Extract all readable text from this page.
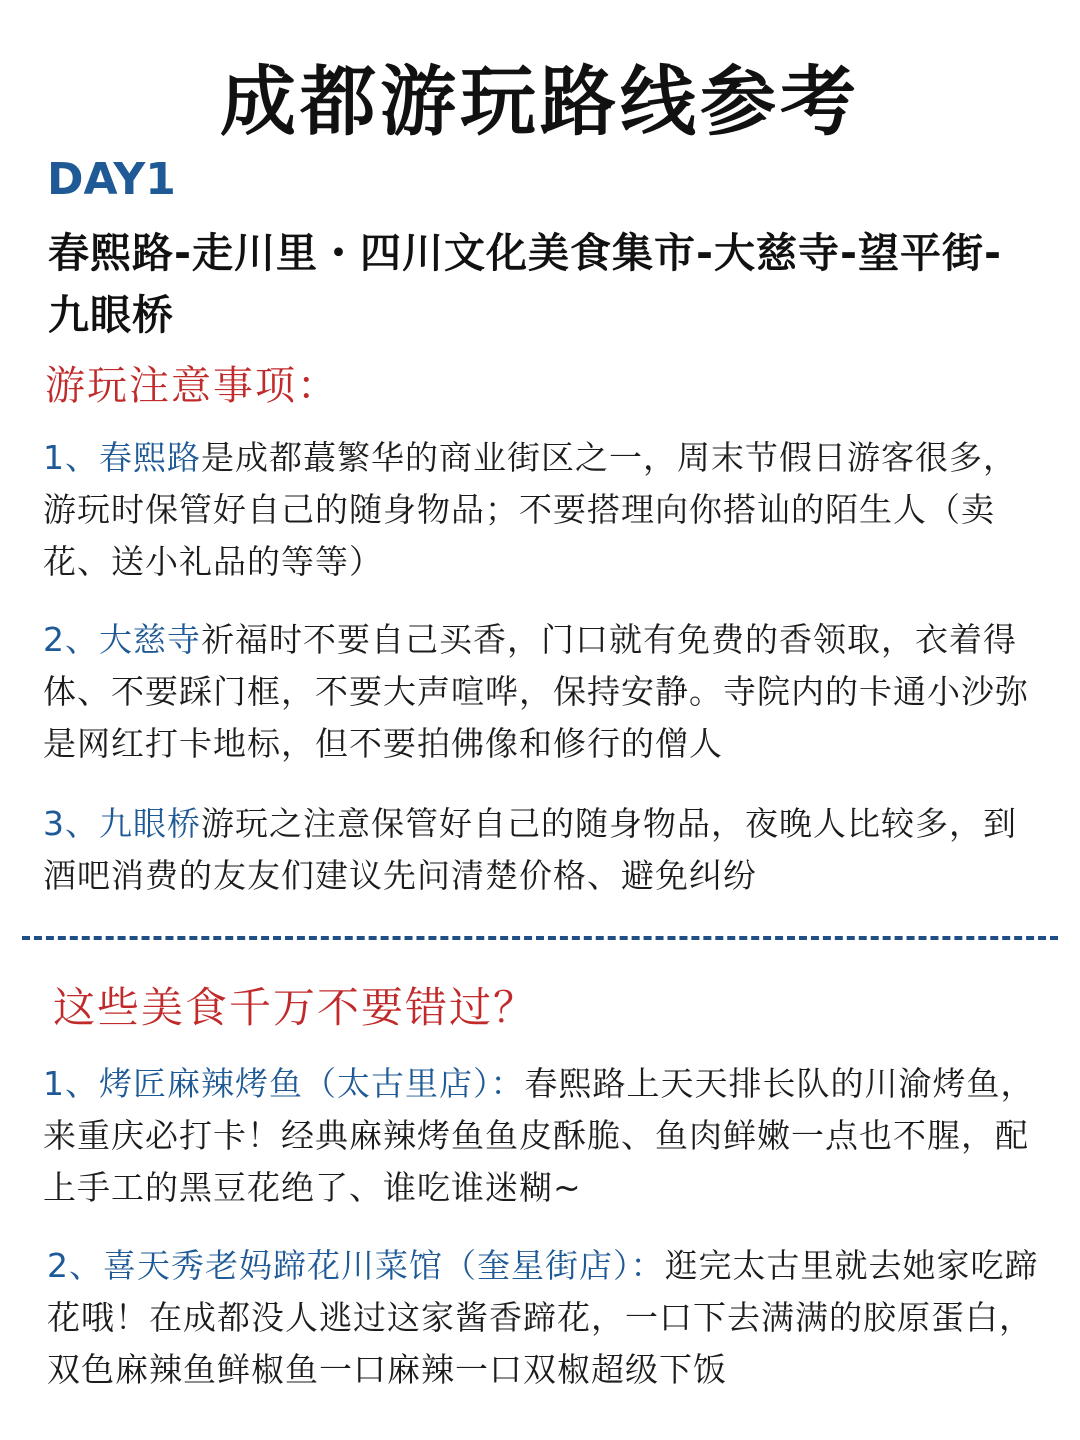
成都游玩路线参考
DAY1
春熙路-走川里・四川文化美食集市-大慈寺-望平街-九眼桥
游玩注意事项：
1、春熙路是成都蕞繁华的商业街区之一，周末节假日游客很多，游玩时保管好自己的随身物品；不要搭理向你搭讪的陌生人（卖花、送小礼品的等等）
2、大慈寺祈福时不要自己买香，门口就有免费的香领取，衣着得体、不要踩门框，不要大声喧哗，保持安静。寺院内的卡通小沙弥是网红打卡地标，但不要拍佛像和修行的僧人
3、九眼桥游玩之注意保管好自己的随身物品，夜晚人比较多，到酒吧消费的友友们建议先问清楚价格、避免纠纷
这些美食千万不要错过？
1、烤匠麻辣烤鱼（太古里店）：春熙路上天天排长队的川渝烤鱼，来重庆必打卡！经典麻辣烤鱼鱼皮酥脆、鱼肉鲜嫩一点也不腥，配上手工的黑豆花绝了、谁吃谁迷糊~
2、喜天秀老妈蹄花川菜馆（奎星街店）：逛完太古里就去她家吃蹄花哦！在成都没人逃过这家酱香蹄花，一口下去满满的胶原蛋白，双色麻辣鱼鲜椒鱼一口麻辣一口双椒超级下饭
